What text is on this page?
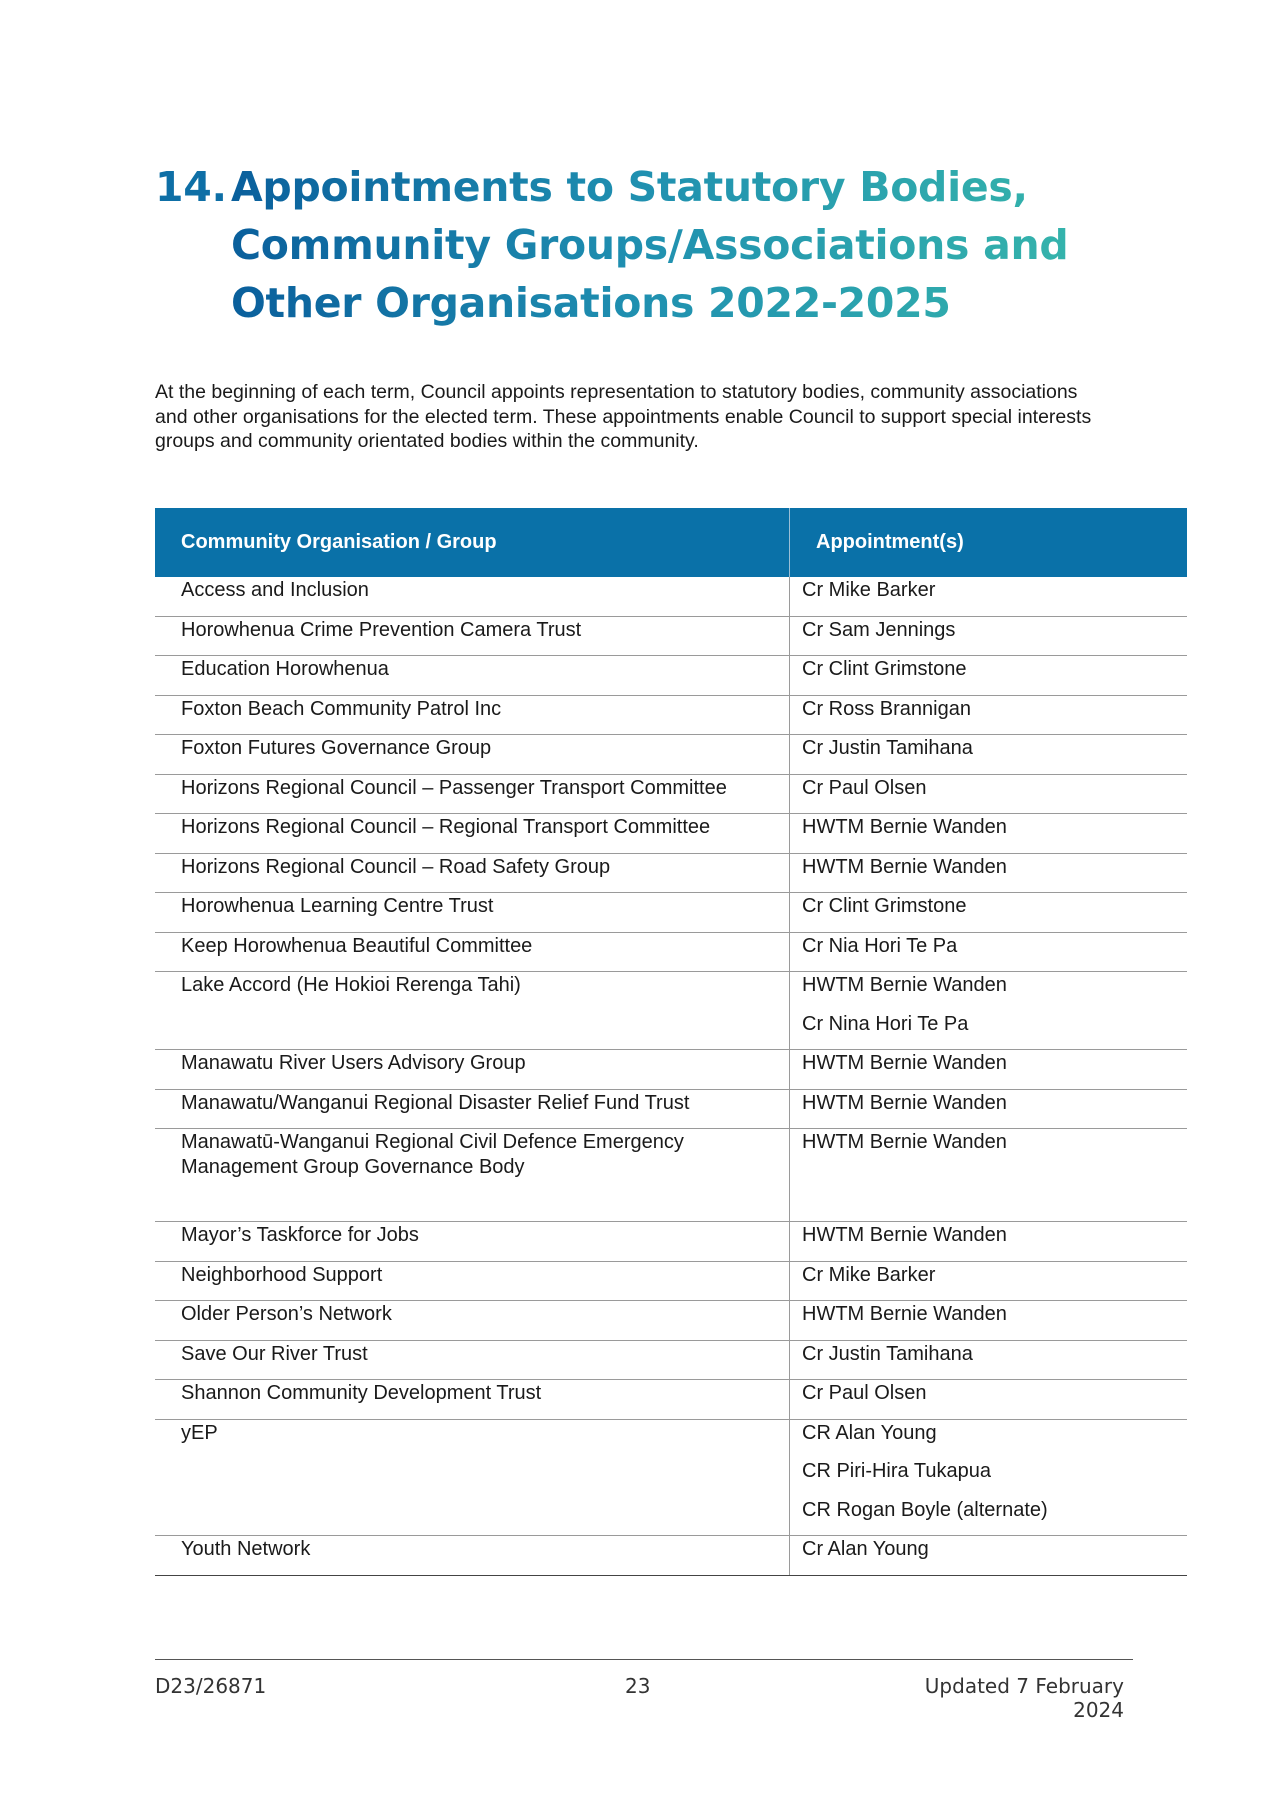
14. Appointments to Statutory Bodies,
Community Groups/Associations and
Other Organisations 2022-2025

At the beginning of each term, Council appoints representation to statutory bodies, community associations and other organisations for the elected term. These appointments enable Council to support special interests groups and community orientated bodies within the community.

Community Organisation / Group	Appointment(s)

Access and Inclusion	Cr Mike Barker

Horowhenua Crime Prevention Camera Trust	Cr Sam Jennings

Education Horowhenua	Cr Clint Grimstone

Foxton Beach Community Patrol Inc	Cr Ross Brannigan

Foxton Futures Governance Group	Cr Justin Tamihana

Horizons Regional Council – Passenger Transport Committee	Cr Paul Olsen

Horizons Regional Council – Regional Transport Committee	HWTM Bernie Wanden

Horizons Regional Council – Road Safety Group	HWTM Bernie Wanden

Horowhenua Learning Centre Trust	Cr Clint Grimstone

Keep Horowhenua Beautiful Committee	Cr Nia Hori Te Pa

Lake Accord (He Hokioi Rerenga Tahi)	HWTM Bernie Wanden
Cr Nina Hori Te Pa

Manawatu River Users Advisory Group	HWTM Bernie Wanden

Manawatu/Wanganui Regional Disaster Relief Fund Trust	HWTM Bernie Wanden

Manawatū-Wanganui Regional Civil Defence Emergency Management Group Governance Body	HWTM Bernie Wanden

Mayor’s Taskforce for Jobs	HWTM Bernie Wanden

Neighborhood Support	Cr Mike Barker

Older Person’s Network	HWTM Bernie Wanden

Save Our River Trust	Cr Justin Tamihana

Shannon Community Development Trust	Cr Paul Olsen

yEP	CR Alan Young
CR Piri-Hira Tukapua
CR Rogan Boyle (alternate)

Youth Network	Cr Alan Young
D23/26871	23	Updated 7 February 2024
